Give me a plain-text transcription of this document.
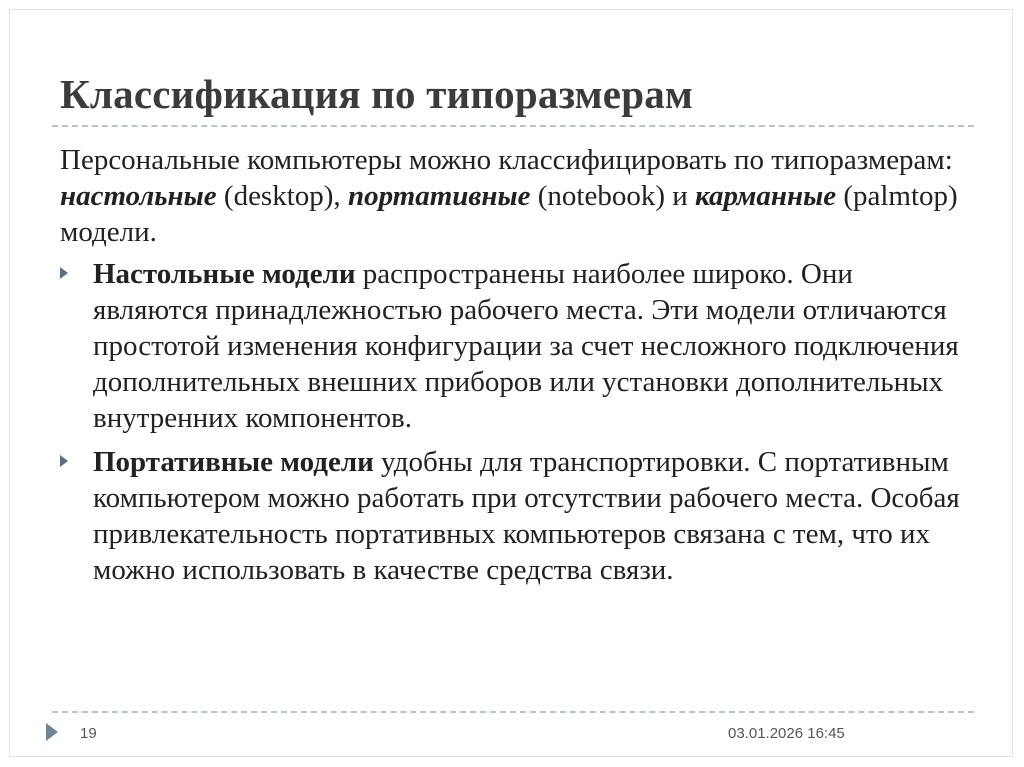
Классификация по типоразмерам

Персональные компьютеры можно классифицировать по типоразмерам: настольные (desktop), портативные (notebook) и карманные (palmtop) модели.

Настольные модели распространены наиболее широко. Они являются принадлежностью рабочего места. Эти модели отличаются простотой изменения конфигурации за счет несложного подключения дополнительных внешних приборов или установки дополнительных внутренних компонентов.
Портативные модели удобны для транспортировки. С портативным компьютером можно работать при отсутствии рабочего места. Особая привлекательность портативных компьютеров связана с тем, что их можно использовать в качестве средства связи.
19	03.01.2026 16:45
